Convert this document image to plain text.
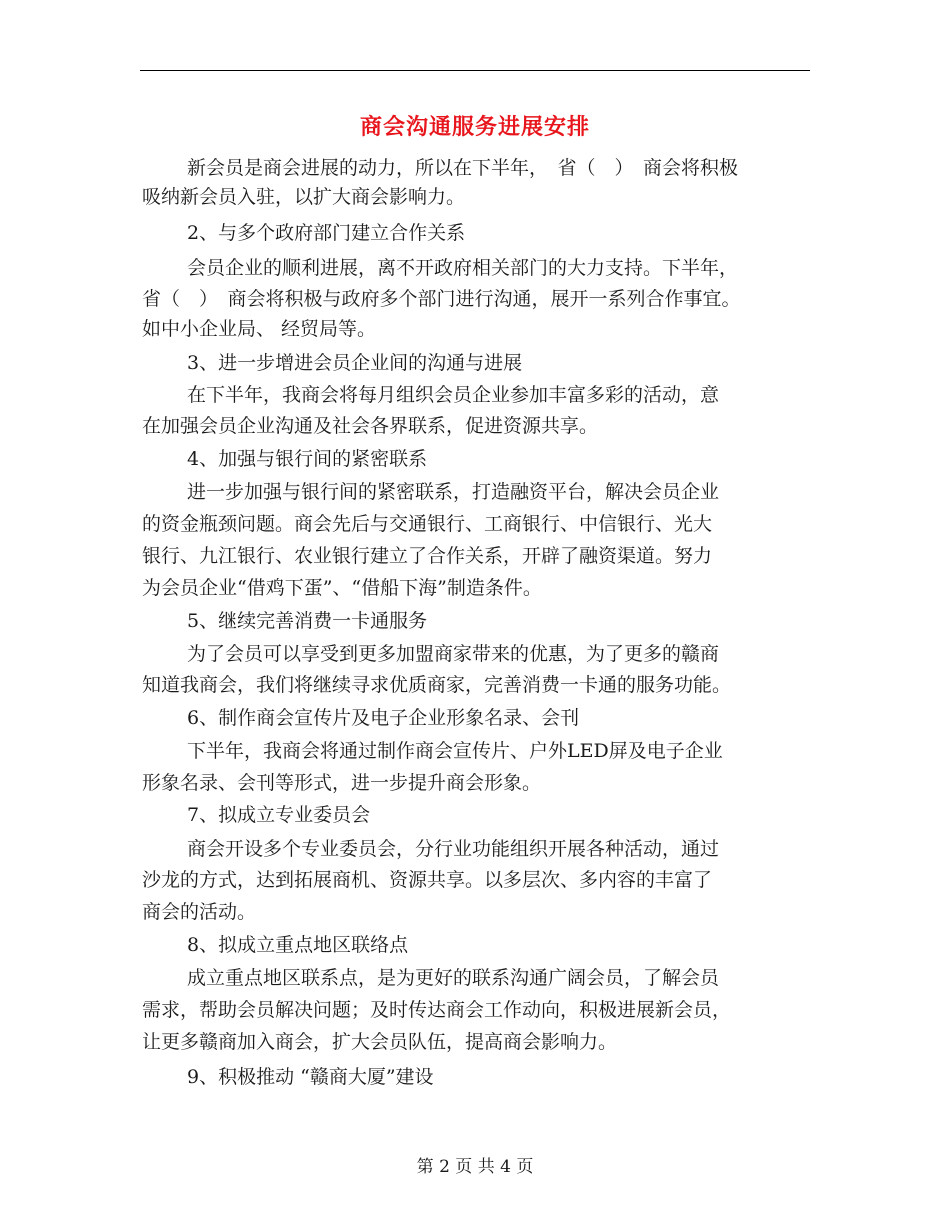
商会沟通服务进展安排
新会员是商会进展的动力，所以在下半年，　省（　）　商会将积极
吸纳新会员入驻，以扩大商会影响力。
2、与多个政府部门建立合作关系
会员企业的顺利进展，离不开政府相关部门的大力支持。下半年，
省（　）　商会将积极与政府多个部门进行沟通，展开一系列合作事宜。
如中小企业局、 经贸局等。
3、进一步增进会员企业间的沟通与进展
在下半年，我商会将每月组织会员企业参加丰富多彩的活动，意
在加强会员企业沟通及社会各界联系，促进资源共享。
4、加强与银行间的紧密联系
进一步加强与银行间的紧密联系，打造融资平台，解决会员企业
的资金瓶颈问题。商会先后与交通银行、工商银行、中信银行、光大
银行、九江银行、农业银行建立了合作关系，开辟了融资渠道。努力
为会员企业“借鸡下蛋”、“借船下海”制造条件。
5、继续完善消费一卡通服务
为了会员可以享受到更多加盟商家带来的优惠，为了更多的赣商
知道我商会，我们将继续寻求优质商家，完善消费一卡通的服务功能。
6、制作商会宣传片及电子企业形象名录、会刊
下半年，我商会将通过制作商会宣传片、户外LED屏及电子企业
形象名录、会刊等形式，进一步提升商会形象。
7、拟成立专业委员会
商会开设多个专业委员会，分行业功能组织开展各种活动，通过
沙龙的方式，达到拓展商机、资源共享。以多层次、多内容的丰富了
商会的活动。
8、拟成立重点地区联络点
成立重点地区联系点，是为更好的联系沟通广阔会员，了解会员
需求，帮助会员解决问题；及时传达商会工作动向，积极进展新会员，
让更多赣商加入商会，扩大会员队伍，提高商会影响力。
9、积极推动 “赣商大厦”建设
第 2 页 共 4 页
